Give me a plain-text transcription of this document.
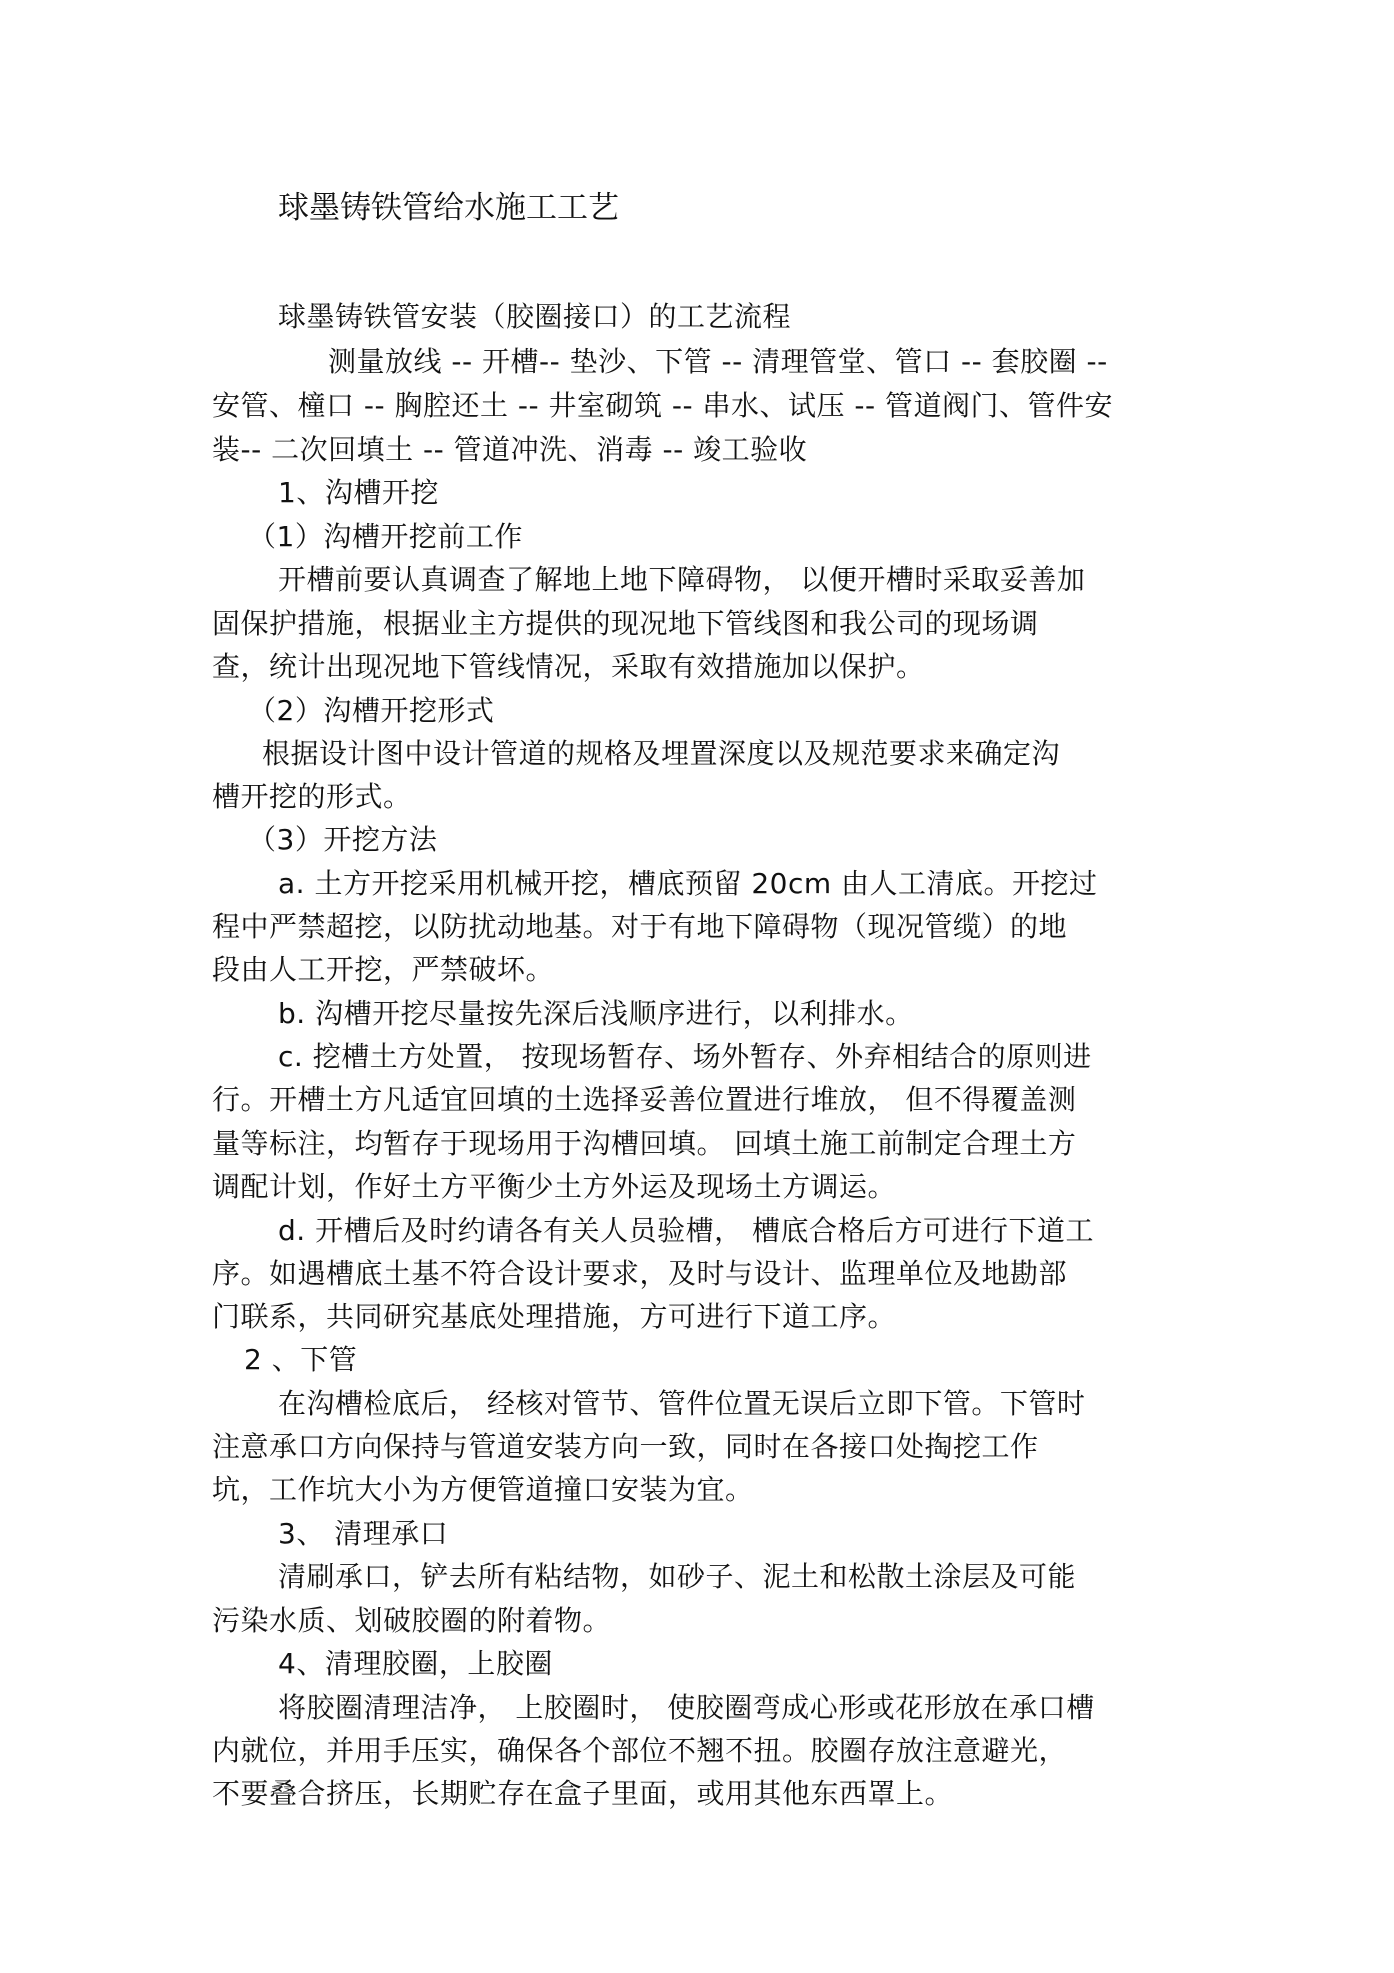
球墨铸铁管给水施工工艺
球墨铸铁管安装（胶圈接口）的工艺流程
测量放线 -- 开槽-- 垫沙、下管 -- 清理管堂、管口 -- 套胶圈 --
安管、橦口 -- 胸腔还土 -- 井室砌筑 -- 串水、试压 -- 管道阀门、管件安
装-- 二次回填土 -- 管道冲洗、消毒 -- 竣工验收
1、沟槽开挖
（1）沟槽开挖前工作
开槽前要认真调查了解地上地下障碍物， 以便开槽时采取妥善加
固保护措施，根据业主方提供的现况地下管线图和我公司的现场调
查，统计出现况地下管线情况，采取有效措施加以保护。
（2）沟槽开挖形式
根据设计图中设计管道的规格及埋置深度以及规范要求来确定沟
槽开挖的形式。
（3）开挖方法
a. 土方开挖采用机械开挖，槽底预留 20cm 由人工清底。开挖过
程中严禁超挖，以防扰动地基。对于有地下障碍物（现况管缆）的地
段由人工开挖，严禁破坏。
b. 沟槽开挖尽量按先深后浅顺序进行，以利排水。
c. 挖槽土方处置， 按现场暂存、场外暂存、外弃相结合的原则进
行。开槽土方凡适宜回填的土选择妥善位置进行堆放， 但不得覆盖测
量等标注，均暂存于现场用于沟槽回填。 回填土施工前制定合理土方
调配计划，作好土方平衡少土方外运及现场土方调运。
d. 开槽后及时约请各有关人员验槽， 槽底合格后方可进行下道工
序。如遇槽底土基不符合设计要求，及时与设计、监理单位及地勘部
门联系，共同研究基底处理措施，方可进行下道工序。
2 、下管
在沟槽检底后， 经核对管节、管件位置无误后立即下管。下管时
注意承口方向保持与管道安装方向一致，同时在各接口处掏挖工作
坑，工作坑大小为方便管道撞口安装为宜。
3、 清理承口
清刷承口，铲去所有粘结物，如砂子、泥土和松散土涂层及可能
污染水质、划破胶圈的附着物。
4、清理胶圈，上胶圈
将胶圈清理洁净， 上胶圈时， 使胶圈弯成心形或花形放在承口槽
内就位，并用手压实，确保各个部位不翘不扭。胶圈存放注意避光，
不要叠合挤压，长期贮存在盒子里面，或用其他东西罩上。
